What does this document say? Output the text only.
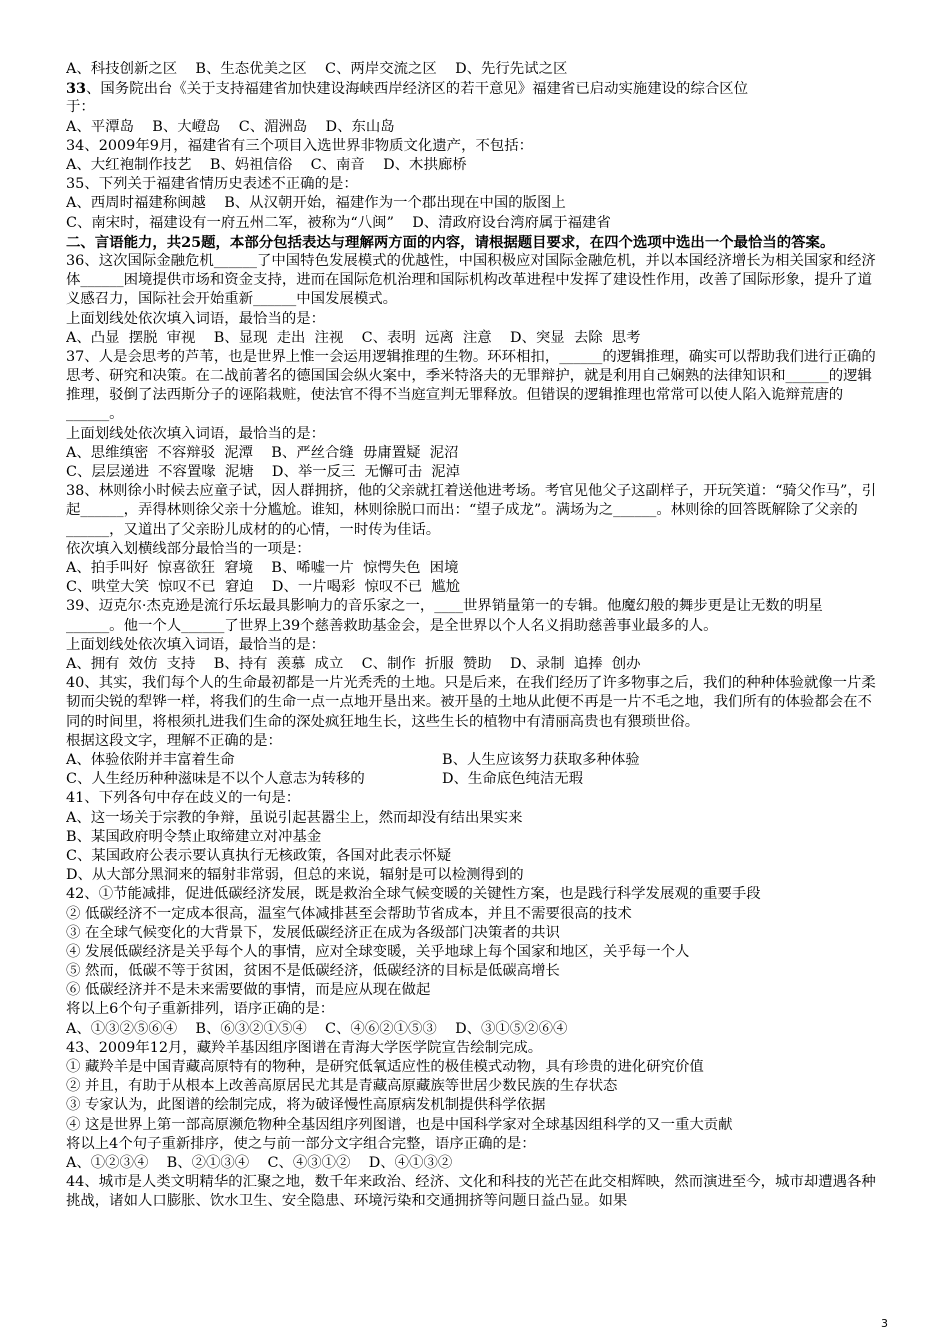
A、科技创新之区    B、生态优美之区    C、两岸交流之区    D、先行先试之区
33、国务院出台《关于支持福建省加快建设海峡西岸经济区的若干意见》福建省已启动实施建设的综合区位
于：
A、平潭岛    B、大嶝岛    C、湄洲岛    D、东山岛
34、2009年9月，福建省有三个项目入选世界非物质文化遗产，不包括：
A、大红袍制作技艺    B、妈祖信俗    C、南音    D、木拱廊桥
35、下列关于福建省情历史表述不正确的是：
A、西周时福建称闽越    B、从汉朝开始，福建作为一个郡出现在中国的版图上
C、南宋时，福建设有一府五州二军，被称为“八闽”    D、清政府设台湾府属于福建省
二、言语能力，共25题，本部分包括表达与理解两方面的内容，请根据题目要求，在四个选项中选出一个最恰当的答案。
36、这次国际金融危机______了中国特色发展模式的优越性，中国积极应对国际金融危机，并以本国经济增长为相关国家和经济体______困境提供市场和资金支持，进而在国际危机治理和国际机构改革进程中发挥了建设性作用，改善了国际形象，提升了道义感召力，国际社会开始重新______中国发展模式。
上面划线处依次填入词语，最恰当的是：
A、凸显  摆脱  审视    B、显现  走出  注视    C、表明  远离  注意    D、突显  去除  思考
37、人是会思考的芦苇，也是世界上惟一会运用逻辑推理的生物。环环相扣，______的逻辑推理，确实可以帮助我们进行正确的思考、研究和决策。在二战前著名的德国国会纵火案中，季米特洛夫的无罪辩护，就是利用自己娴熟的法律知识和______的逻辑推理，驳倒了法西斯分子的诬陷栽赃，使法官不得不当庭宣判无罪释放。但错误的逻辑推理也常常可以使人陷入诡辩荒唐的______。
上面划线处依次填入词语，最恰当的是：
A、思维缜密  不容辩驳  泥潭    B、严丝合缝  毋庸置疑  泥沼
C、层层递进  不容置喙  泥塘    D、举一反三  无懈可击  泥淖
38、林则徐小时候去应童子试，因人群拥挤，他的父亲就扛着送他进考场。考官见他父子这副样子，开玩笑道：“骑父作马”，引起______，弄得林则徐父亲十分尴尬。谁知，林则徐脱口而出：“望子成龙”。满场为之______。林则徐的回答既解除了父亲的______，又道出了父亲盼儿成材的的心情，一时传为佳话。
依次填入划横线部分最恰当的一项是：
A、拍手叫好  惊喜欲狂  窘境    B、唏嘘一片  惊愕失色  困境
C、哄堂大笑  惊叹不已  窘迫    D、一片喝彩  惊叹不已  尴尬
39、迈克尔·杰克逊是流行乐坛最具影响力的音乐家之一，____世界销量第一的专辑。他魔幻般的舞步更是让无数的明星______。他一个人______了世界上39个慈善救助基金会，是全世界以个人名义捐助慈善事业最多的人。
上面划线处依次填入词语，最恰当的是：
A、拥有  效仿  支持    B、持有  羡慕  成立    C、制作  折服  赞助    D、录制  追捧  创办
40、其实，我们每个人的生命最初都是一片光秃秃的土地。只是后来，在我们经历了许多物事之后，我们的种种体验就像一片柔韧而尖锐的犁铧一样，将我们的生命一点一点地开垦出来。被开垦的土地从此便不再是一片不毛之地，我们所有的体验都会在不同的时间里，将根须扎进我们生命的深处疯狂地生长，这些生长的植物中有清丽高贵也有猥琐世俗。
根据这段文字，理解不正确的是：
A、体验依附并丰富着生命	B、人生应该努力获取多种体验
C、人生经历种种滋味是不以个人意志为转移的	D、生命底色纯洁无瑕
41、下列各句中存在歧义的一句是：
A、这一场关于宗教的争辩，虽说引起甚嚣尘上，然而却没有结出果实来
B、某国政府明令禁止取缔建立对冲基金
C、某国政府公表示要认真执行无核政策，各国对此表示怀疑
D、从大部分黑洞来的辐射非常弱，但总的来说，辐射是可以检测得到的
42、①节能减排，促进低碳经济发展，既是救治全球气候变暖的关键性方案，也是践行科学发展观的重要手段
② 低碳经济不一定成本很高，温室气体减排甚至会帮助节省成本，并且不需要很高的技术
③ 在全球气候变化的大背景下，发展低碳经济正在成为各级部门决策者的共识
④ 发展低碳经济是关乎每个人的事情，应对全球变暖，关乎地球上每个国家和地区，关乎每一个人
⑤ 然而，低碳不等于贫困，贫困不是低碳经济，低碳经济的目标是低碳高增长
⑥ 低碳经济并不是未来需要做的事情，而是应从现在做起
将以上6个句子重新排列，语序正确的是：
A、①③②⑤⑥④    B、⑥③②①⑤④    C、④⑥②①⑤③    D、③①⑤②⑥④
43、2009年12月，藏羚羊基因组序图谱在青海大学医学院宣告绘制完成。
① 藏羚羊是中国青藏高原特有的物种，是研究低氧适应性的极佳模式动物，具有珍贵的进化研究价值
② 并且，有助于从根本上改善高原居民尤其是青藏高原藏族等世居少数民族的生存状态
③ 专家认为，此图谱的绘制完成，将为破译慢性高原病发机制提供科学依据
④ 这是世界上第一部高原濒危物种全基因组序列图谱，也是中国科学家对全球基因组科学的又一重大贡献
将以上4个句子重新排序，使之与前一部分文字组合完整，语序正确的是：
A、①②③④    B、②①③④    C、④③①②    D、④①③②
44、城市是人类文明精华的汇聚之地，数千年来政治、经济、文化和科技的光芒在此交相辉映，然而演进至今，城市却遭遇各种挑战，诸如人口膨胀、饮水卫生、安全隐患、环境污染和交通拥挤等问题日益凸显。如果
3
